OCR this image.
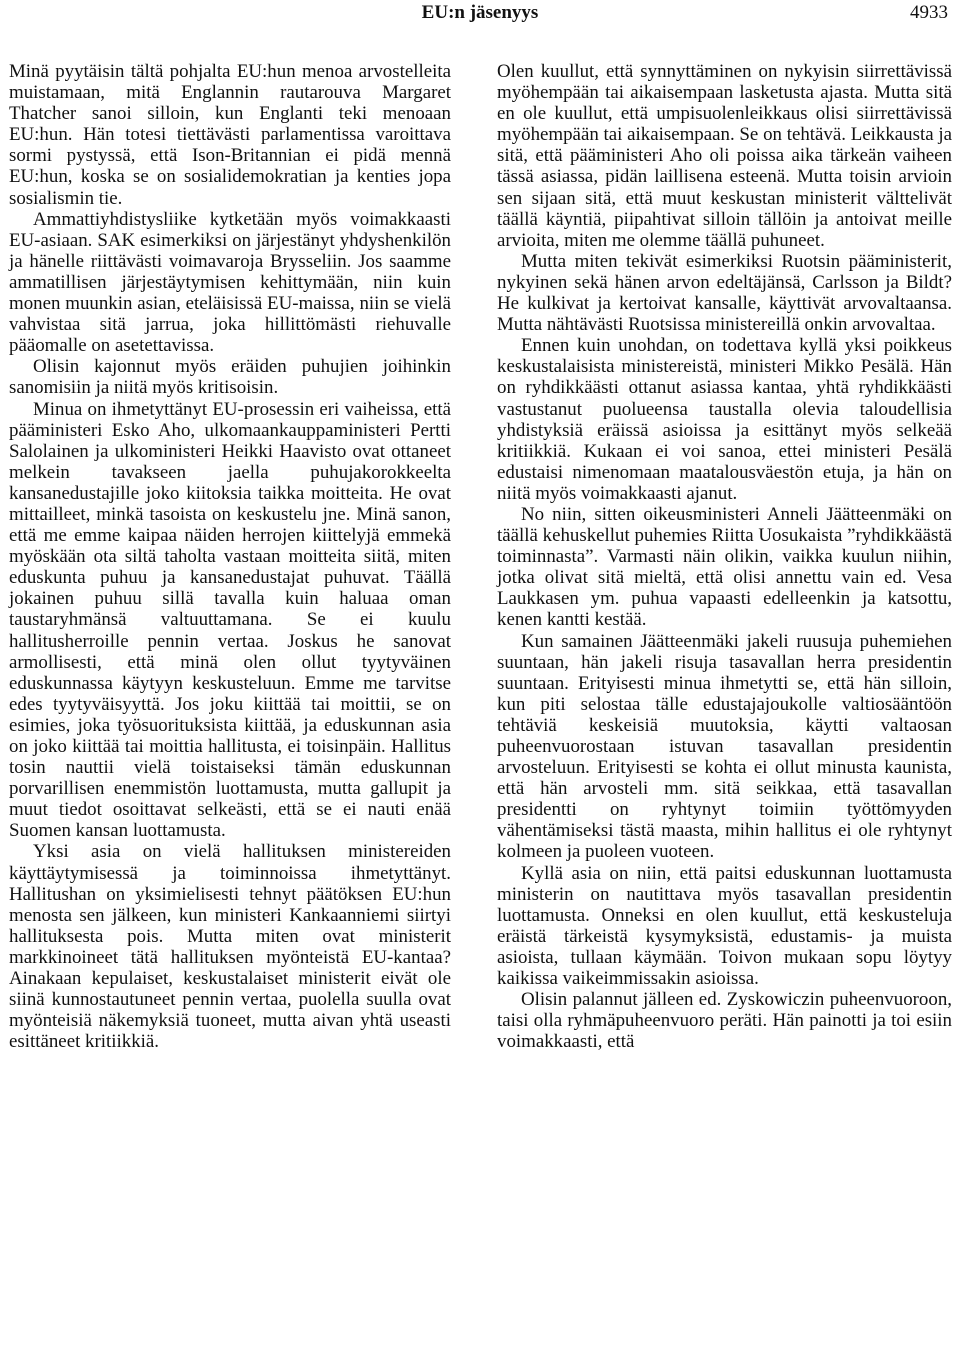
EU:n jäsenyys	4933

Minä pyytäisin tältä pohjalta EU:hun menoa arvostelleita muistamaan, mitä Englannin rautarouva Margaret Thatcher sanoi silloin, kun Englanti teki menoaan EU:hun. Hän totesi tiettävästi parlamentissa varoittava sormi pystyssä, että Ison-Britannian ei pidä mennä EU:hun, koska se on sosialidemokratian ja kenties jopa sosialismin tie.

Ammattiyhdistysliike kytketään myös voimakkaasti EU-asiaan. SAK esimerkiksi on järjestänyt yhdyshenkilön ja hänelle riittävästi voimavaroja Brysseliin. Jos saamme ammatillisen järjestäytymisen kehittymään, niin kuin monen muunkin asian, eteläisissä EU-maissa, niin se vielä vahvistaa sitä jarrua, joka hillittömästi riehuvalle pääomalle on asetettavissa.

Olisin kajonnut myös eräiden puhujien joihinkin sanomisiin ja niitä myös kritisoisin.

Minua on ihmetyttänyt EU-prosessin eri vaiheissa, että pääministeri Esko Aho, ulkomaankauppaministeri Pertti Salolainen ja ulkoministeri Heikki Haavisto ovat ottaneet melkein tavakseen jaella puhujakorokkeelta kansanedustajille joko kiitoksia taikka moitteita. He ovat mittailleet, minkä tasoista on keskustelu jne. Minä sanon, että me emme kaipaa näiden herrojen kiittelyjä emmekä myöskään ota siltä taholta vastaan moitteita siitä, miten eduskunta puhuu ja kansanedustajat puhuvat. Täällä jokainen puhuu sillä tavalla kuin haluaa oman taustaryhmänsä valtuuttamana. Se ei kuulu hallitusherroille pennin vertaa. Joskus he sanovat armollisesti, että minä olen ollut tyytyväinen eduskunnassa käytyyn keskusteluun. Emme me tarvitse edes tyytyväisyyttä. Jos joku kiittää tai moittii, se on esimies, joka työsuorituksista kiittää, ja eduskunnan asia on joko kiittää tai moittia hallitusta, ei toisinpäin. Hallitus tosin nauttii vielä toistaiseksi tämän eduskunnan porvarillisen enemmistön luottamusta, mutta gallupit ja muut tiedot osoittavat selkeästi, että se ei nauti enää Suomen kansan luottamusta.

Yksi asia on vielä hallituksen ministereiden käyttäytymisessä ja toiminnoissa ihmetyttänyt. Hallitushan on yksimielisesti tehnyt päätöksen EU:hun menosta sen jälkeen, kun ministeri Kankaanniemi siirtyi hallituksesta pois. Mutta miten ovat ministerit markkinoineet tätä hallituksen myönteistä EU-kantaa? Ainakaan kepulaiset, keskustalaiset ministerit eivät ole siinä kunnostautuneet pennin vertaa, puolella suulla ovat myönteisiä näkemyksiä tuoneet, mutta aivan yhtä useasti esittäneet kritiikkiä.

Olen kuullut, että synnyttäminen on nykyisin siirrettävissä myöhempään tai aikaisempaan lasketusta ajasta. Mutta sitä en ole kuullut, että umpisuolenleikkaus olisi siirrettävissä myöhempään tai aikaisempaan. Se on tehtävä. Leikkausta ja sitä, että pääministeri Aho oli poissa aika tärkeän vaiheen tässä asiassa, pidän laillisena esteenä. Mutta toisin arvioin sen sijaan sitä, että muut keskustan ministerit välttelivät täällä käyntiä, piipahtivat silloin tällöin ja antoivat meille arvioita, miten me olemme täällä puhuneet.

Mutta miten tekivät esimerkiksi Ruotsin pääministerit, nykyinen sekä hänen arvon edeltäjänsä, Carlsson ja Bildt? He kulkivat ja kertoivat kansalle, käyttivät arvovaltaansa. Mutta nähtävästi Ruotsissa ministereillä onkin arvovaltaa.

Ennen kuin unohdan, on todettava kyllä yksi poikkeus keskustalaisista ministereistä, ministeri Mikko Pesälä. Hän on ryhdikkäästi ottanut asiassa kantaa, yhtä ryhdikkäästi vastustanut puolueensa taustalla olevia taloudellisia yhdistyksiä eräissä asioissa ja esittänyt myös selkeää kritiikkiä. Kukaan ei voi sanoa, ettei ministeri Pesälä edustaisi nimenomaan maatalousväestön etuja, ja hän on niitä myös voimakkaasti ajanut.

No niin, sitten oikeusministeri Anneli Jäätteenmäki on täällä kehuskellut puhemies Riitta Uosukaista ”ryhdikkäästä toiminnasta”. Varmasti näin olikin, vaikka kuulun niihin, jotka olivat sitä mieltä, että olisi annettu vain ed. Vesa Laukkasen ym. puhua vapaasti edelleenkin ja katsottu, kenen kantti kestää.

Kun samainen Jäätteenmäki jakeli ruusuja puhemiehen suuntaan, hän jakeli risuja tasavallan herra presidentin suuntaan. Erityisesti minua ihmetytti se, että hän silloin, kun piti selostaa tälle edustajajoukolle valtiosääntöön tehtäviä keskeisiä muutoksia, käytti valtaosan puheenvuorostaan istuvan tasavallan presidentin arvosteluun. Erityisesti se kohta ei ollut minusta kaunista, että hän arvosteli mm. sitä seikkaa, että tasavallan presidentti on ryhtynyt toimiin työttömyyden vähentämiseksi tästä maasta, mihin hallitus ei ole ryhtynyt kolmeen ja puoleen vuoteen.

Kyllä asia on niin, että paitsi eduskunnan luottamusta ministerin on nautittava myös tasavallan presidentin luottamusta. Onneksi en olen kuullut, että keskusteluja eräistä tärkeistä kysymyksistä, edustamis- ja muista asioista, tullaan käymään. Toivon mukaan sopu löytyy kaikissa vaikeimmissakin asioissa.

Olisin palannut jälleen ed. Zyskowiczin puheenvuoroon, taisi olla ryhmäpuheenvuoro peräti. Hän painotti ja toi esiin voimakkaasti, että
